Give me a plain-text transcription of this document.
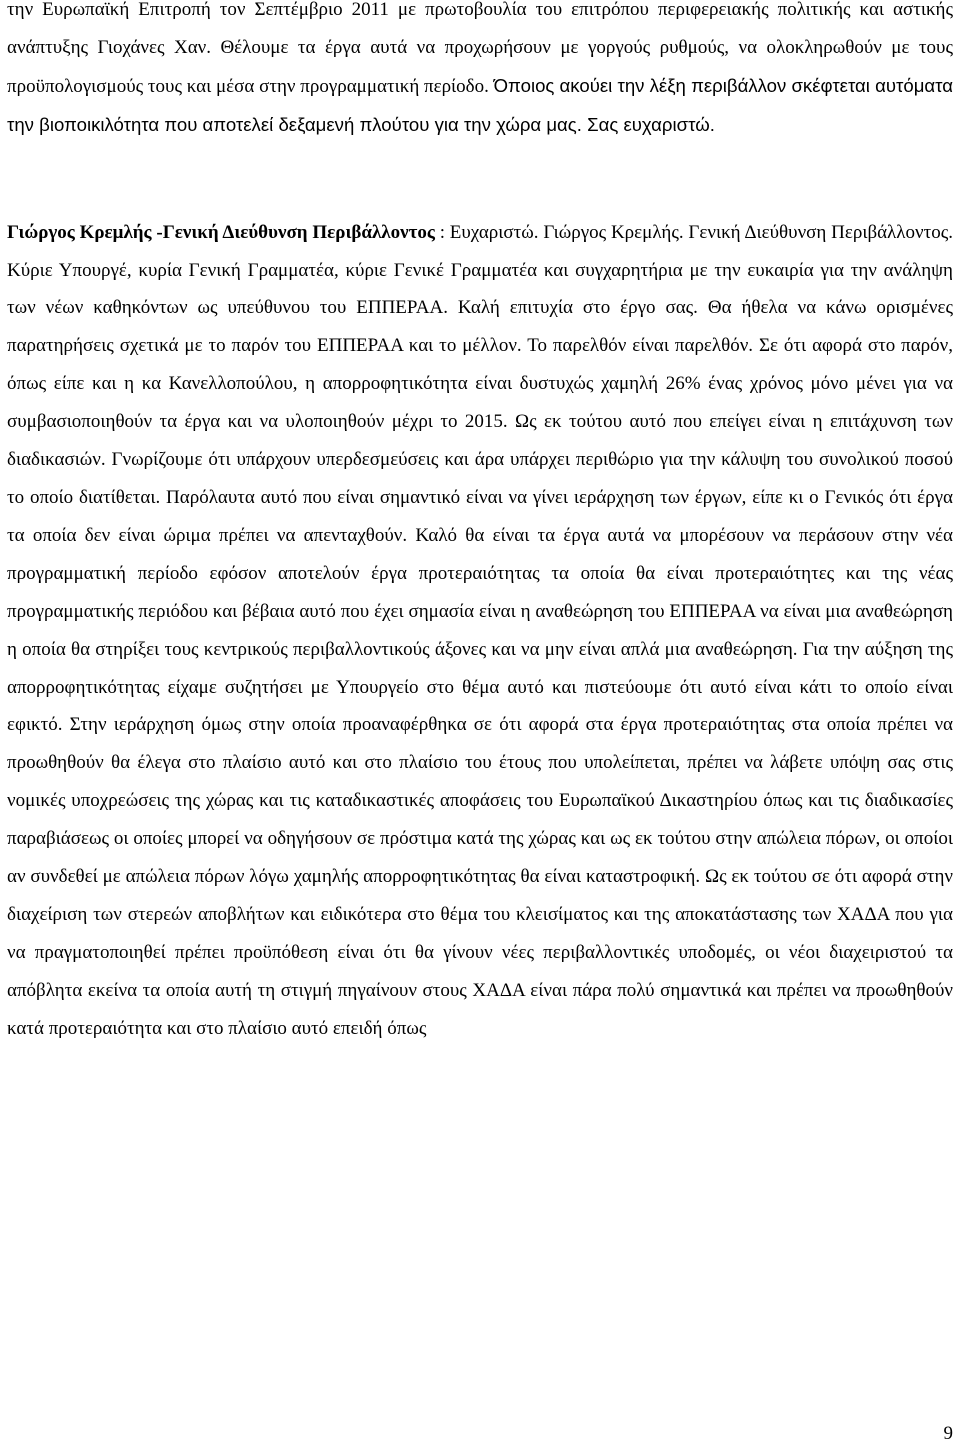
την Ευρωπαϊκή Επιτροπή τον Σεπτέμβριο 2011 με πρωτοβουλία του επιτρόπου περιφερειακής πολιτικής και αστικής ανάπτυξης Γιοχάνες Χαν. Θέλουμε τα έργα αυτά να προχωρήσουν με γοργούς ρυθμούς, να ολοκληρωθούν με τους προϋπολογισμούς τους και μέσα στην προγραμματική περίοδο. Όποιος ακούει την λέξη περιβάλλον σκέφτεται αυτόματα την βιοποικιλότητα που αποτελεί δεξαμενή πλούτου για την χώρα μας. Σας ευχαριστώ.

Γιώργος Κρεμλής -Γενική Διεύθυνση Περιβάλλοντος : Ευχαριστώ. Γιώργος Κρεμλής. Γενική Διεύθυνση Περιβάλλοντος. Κύριε Υπουργέ, κυρία Γενική Γραμματέα, κύριε Γενικέ Γραμματέα και συγχαρητήρια με την ευκαιρία για την ανάληψη των νέων καθηκόντων ως υπεύθυνου του ΕΠΠΕΡΑΑ. Καλή επιτυχία στο έργο σας. Θα ήθελα να κάνω ορισμένες παρατηρήσεις σχετικά με το παρόν του ΕΠΠΕΡΑΑ και το μέλλον. Το παρελθόν είναι παρελθόν. Σε ότι αφορά στο παρόν, όπως είπε και η κα Κανελλοπούλου, η απορροφητικότητα είναι δυστυχώς χαμηλή 26% ένας χρόνος μόνο μένει για να συμβασιοποιηθούν τα έργα και να υλοποιηθούν μέχρι το 2015. Ως εκ τούτου αυτό που επείγει είναι η επιτάχυνση των διαδικασιών. Γνωρίζουμε ότι υπάρχουν υπερδεσμεύσεις και άρα υπάρχει περιθώριο για την κάλυψη του συνολικού ποσού το οποίο διατίθεται. Παρόλαυτα αυτό που είναι σημαντικό είναι να γίνει ιεράρχηση των έργων, είπε κι ο Γενικός ότι έργα τα οποία δεν είναι ώριμα πρέπει να απενταχθούν. Καλό θα είναι τα έργα αυτά να μπορέσουν να περάσουν στην νέα προγραμματική περίοδο εφόσον αποτελούν έργα προτεραιότητας τα οποία θα είναι προτεραιότητες και της νέας προγραμματικής περιόδου και βέβαια αυτό που έχει σημασία είναι η αναθεώρηση του ΕΠΠΕΡΑΑ να είναι μια αναθεώρηση η οποία θα στηρίξει τους κεντρικούς περιβαλλοντικούς άξονες και να μην είναι απλά μια αναθεώρηση. Για την αύξηση της απορροφητικότητας είχαμε συζητήσει με Υπουργείο στο θέμα αυτό και πιστεύουμε ότι αυτό είναι κάτι το οποίο είναι εφικτό. Στην ιεράρχηση όμως στην οποία προαναφέρθηκα σε ότι αφορά στα έργα προτεραιότητας στα οποία πρέπει να προωθηθούν θα έλεγα στο πλαίσιο αυτό και στο πλαίσιο του έτους που υπολείπεται, πρέπει να λάβετε υπόψη σας στις νομικές υποχρεώσεις της χώρας και τις καταδικαστικές αποφάσεις του Ευρωπαϊκού Δικαστηρίου όπως και τις διαδικασίες παραβιάσεως οι οποίες μπορεί να οδηγήσουν σε πρόστιμα κατά της χώρας και ως εκ τούτου στην απώλεια πόρων, οι οποίοι αν συνδεθεί με απώλεια πόρων λόγω χαμηλής απορροφητικότητας θα είναι καταστροφική. Ως εκ τούτου σε ότι αφορά στην διαχείριση των στερεών αποβλήτων και ειδικότερα στο θέμα του κλεισίματος και της αποκατάστασης των ΧΑΔΑ που για να πραγματοποιηθεί πρέπει προϋπόθεση είναι ότι θα γίνουν νέες περιβαλλοντικές υποδομές, οι νέοι διαχειριστού τα απόβλητα εκείνα τα οποία αυτή τη στιγμή πηγαίνουν στους ΧΑΔΑ είναι πάρα πολύ σημαντικά και πρέπει να προωθηθούν κατά προτεραιότητα και στο πλαίσιο αυτό επειδή όπως

9
